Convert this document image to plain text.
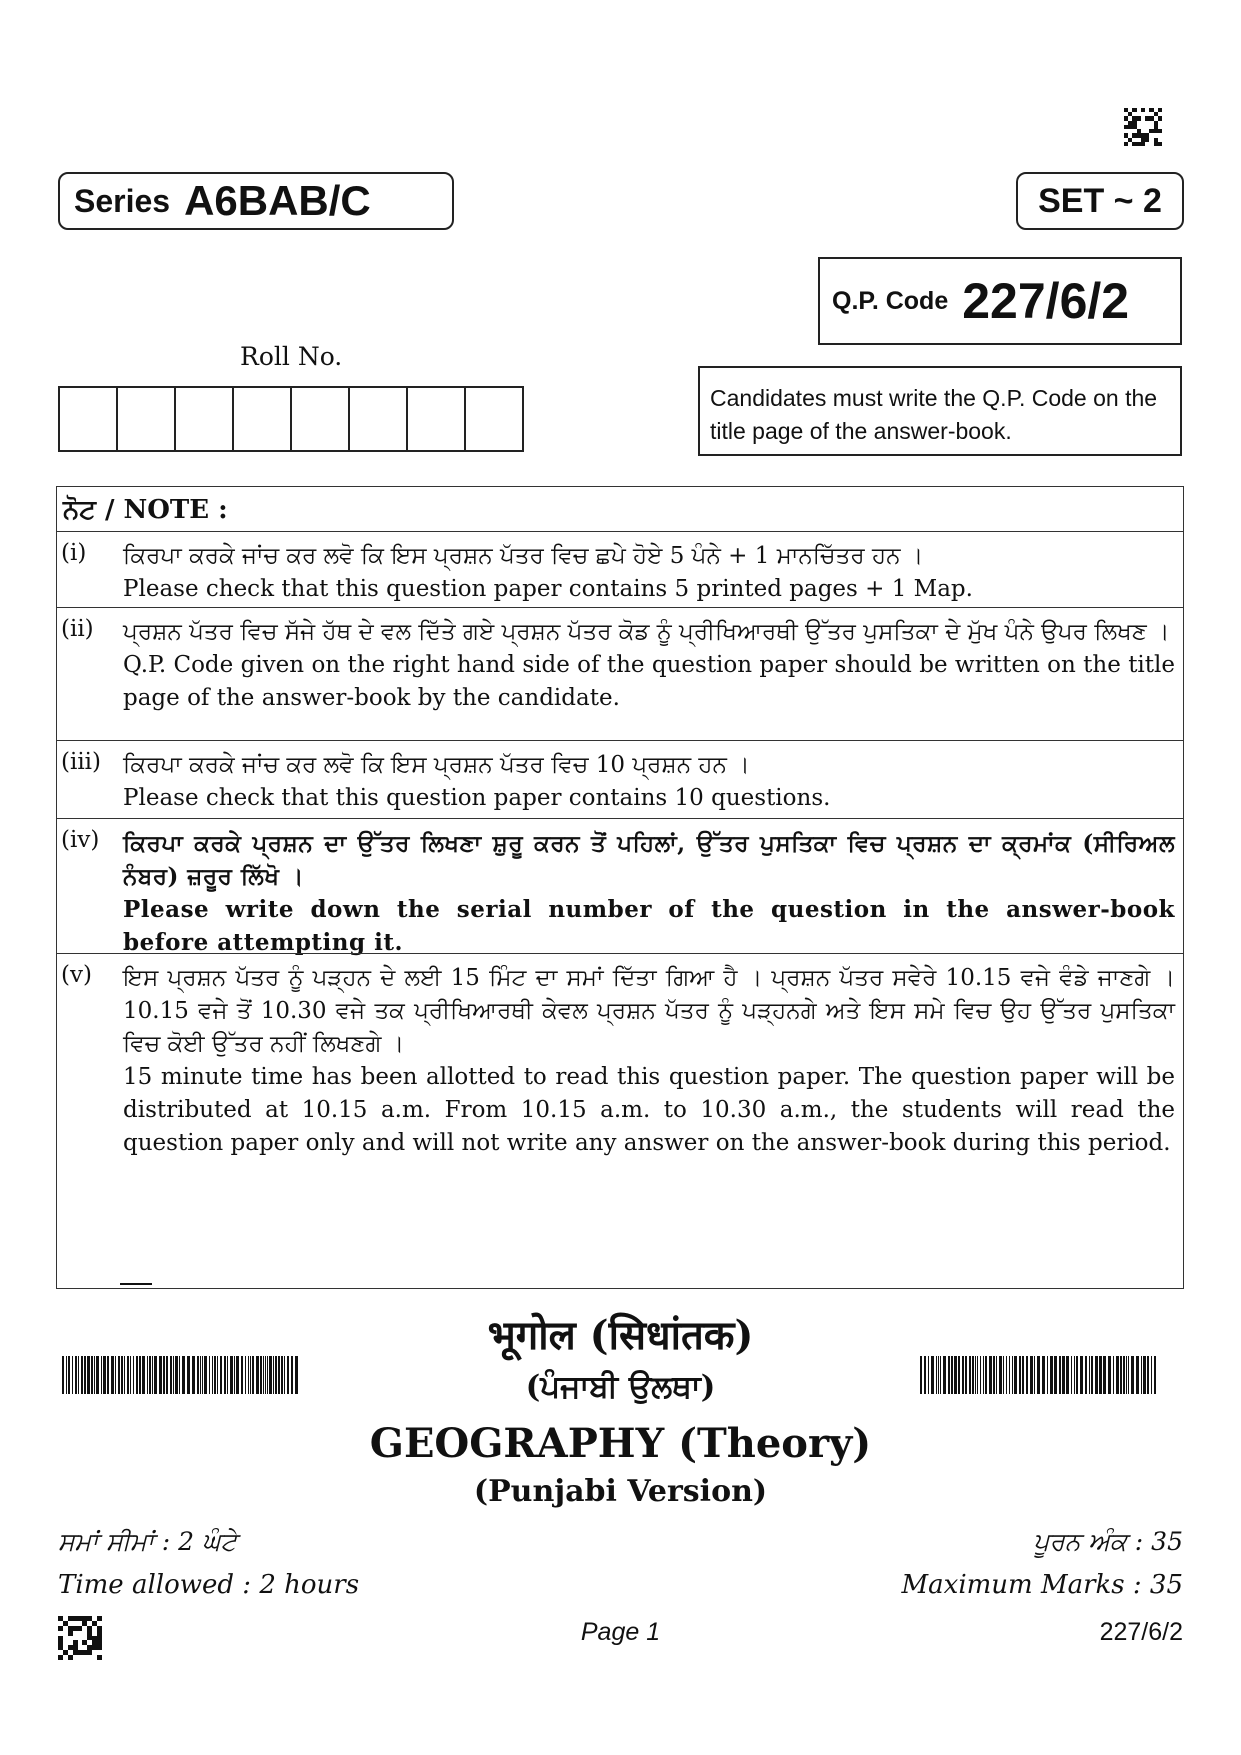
Series A6BAB/C	SET ~ 2
Q.P. Code 227/6/2
Candidates must write the Q.P. Code on the title page of the answer-book.
Roll No.
ਨੋਟ / NOTE :
(i) ਕਿਰਪਾ ਕਰਕੇ ਜਾਂਚ ਕਰ ਲਵੋ ਕਿ ਇਸ ਪ੍ਰਸ਼ਨ ਪੱਤਰ ਵਿਚ ਛਪੇ ਹੋਏ 5 ਪੰਨੇ + 1 ਮਾਨਚਿੱਤਰ ਹਨ ।
Please check that this question paper contains 5 printed pages + 1 Map.
(ii) ਪ੍ਰਸ਼ਨ ਪੱਤਰ ਵਿਚ ਸੱਜੇ ਹੱਥ ਦੇ ਵਲ ਦਿੱਤੇ ਗਏ ਪ੍ਰਸ਼ਨ ਪੱਤਰ ਕੋਡ ਨੂੰ ਪ੍ਰੀਖਿਆਰਥੀ ਉੱਤਰ ਪੁਸਤਿਕਾ ਦੇ ਮੁੱਖ ਪੰਨੇ ਉਪਰ ਲਿਖਣ ।
Q.P. Code given on the right hand side of the question paper should be written on the title page of the answer-book by the candidate.
(iii) ਕਿਰਪਾ ਕਰਕੇ ਜਾਂਚ ਕਰ ਲਵੋ ਕਿ ਇਸ ਪ੍ਰਸ਼ਨ ਪੱਤਰ ਵਿਚ 10 ਪ੍ਰਸ਼ਨ ਹਨ ।
Please check that this question paper contains 10 questions.
(iv) ਕਿਰਪਾ ਕਰਕੇ ਪ੍ਰਸ਼ਨ ਦਾ ਉੱਤਰ ਲਿਖਣਾ ਸ਼ੁਰੂ ਕਰਨ ਤੋਂ ਪਹਿਲਾਂ, ਉੱਤਰ ਪੁਸਤਿਕਾ ਵਿਚ ਪ੍ਰਸ਼ਨ ਦਾ ਕ੍ਰਮਾਂਕ (ਸੀਰਿਅਲ ਨੰਬਰ) ਜ਼ਰੂਰ ਲਿੱਖੋ ।
Please write down the serial number of the question in the answer-book before attempting it.
(v) ਇਸ ਪ੍ਰਸ਼ਨ ਪੱਤਰ ਨੂੰ ਪੜ੍ਹਨ ਦੇ ਲਈ 15 ਮਿੰਟ ਦਾ ਸਮਾਂ ਦਿੱਤਾ ਗਿਆ ਹੈ । ਪ੍ਰਸ਼ਨ ਪੱਤਰ ਸਵੇਰੇ 10.15 ਵਜੇ ਵੰਡੇ ਜਾਣਗੇ । 10.15 ਵਜੇ ਤੋਂ 10.30 ਵਜੇ ਤਕ ਪ੍ਰੀਖਿਆਰਥੀ ਕੇਵਲ ਪ੍ਰਸ਼ਨ ਪੱਤਰ ਨੂੰ ਪੜ੍ਹਨਗੇ ਅਤੇ ਇਸ ਸਮੇ ਵਿਚ ਉਹ ਉੱਤਰ ਪੁਸਤਿਕਾ ਵਿਚ ਕੋਈ ਉੱਤਰ ਨਹੀਂ ਲਿਖਣਗੇ ।
15 minute time has been allotted to read this question paper. The question paper will be distributed at 10.15 a.m. From 10.15 a.m. to 10.30 a.m., the students will read the question paper only and will not write any answer on the answer-book during this period.
भूगोल (सिधांतक)
(ਪੰਜਾਬੀ ਉਲਥਾ)
GEOGRAPHY (Theory)
(Punjabi Version)
ਸਮਾਂ ਸੀਮਾਂ : 2 ਘੰਟੇ
Time allowed : 2 hours
ਪੂਰਨ ਅੰਕ : 35
Maximum Marks : 35
Page 1	227/6/2
